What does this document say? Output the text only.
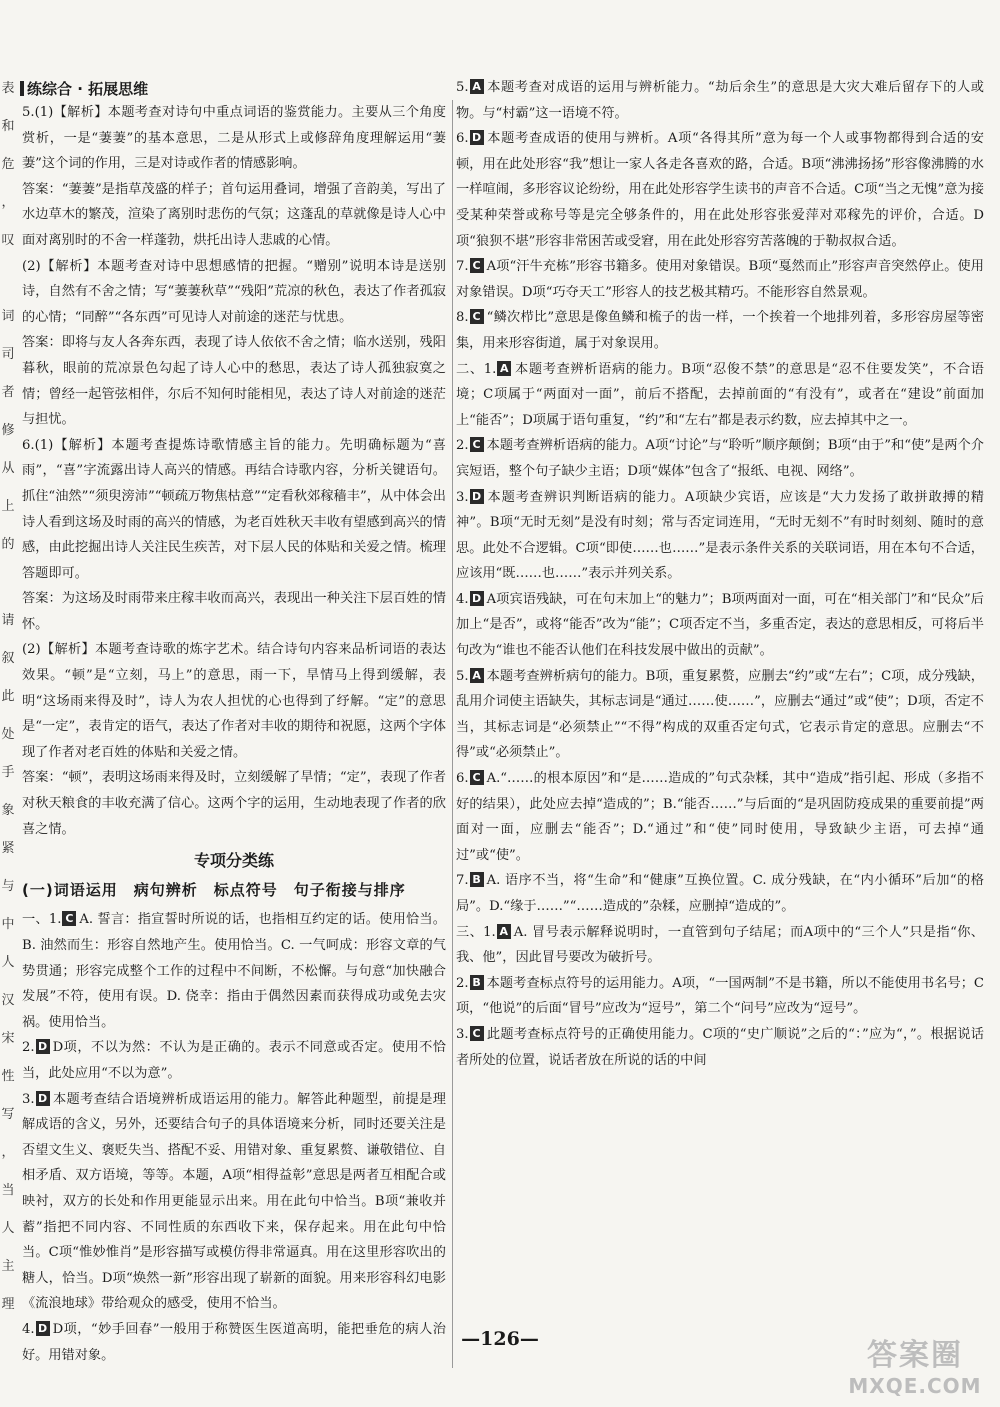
表
和
危
，
叹

词
司
者
修
从
上
的

请
叙
此
处
手
象
紧
与
中
人
汉
宋
性
写
，
当
人
主
理
练综合 · 拓展思维

5.(1)【解析】本题考查对诗句中重点词语的鉴赏能力。主要从三个角度赏析，一是“萋萋”的基本意思，二是从形式上或修辞角度理解运用“萋萋”这个词的作用，三是对诗或作者的情感影响。

答案：“萋萋”是指草茂盛的样子；首句运用叠词，增强了音韵美，写出了水边草木的繁茂，渲染了离别时悲伤的气氛；这蓬乱的草就像是诗人心中面对离别时的不舍一样蓬勃，烘托出诗人悲戚的心情。

(2)【解析】本题考查对诗中思想感情的把握。“赠别”说明本诗是送别诗，自然有不舍之情；写“萋萋秋草”“残阳”荒凉的秋色，表达了作者孤寂的心情；“同醉”“各东西”可见诗人对前途的迷茫与忧患。

答案：即将与友人各奔东西，表现了诗人依依不舍之情；临水送别，残阳暮秋，眼前的荒凉景色勾起了诗人心中的愁思，表达了诗人孤独寂寞之情；曾经一起管弦相伴，尔后不知何时能相见，表达了诗人对前途的迷茫与担忧。

6.(1)【解析】本题考查提炼诗歌情感主旨的能力。先明确标题为“喜雨”，“喜”字流露出诗人高兴的情感。再结合诗歌内容，分析关键语句。抓住“油然”“须臾滂沛”“顿疏万物焦枯意”“定看秋郊稼穑丰”，从中体会出诗人看到这场及时雨的高兴的情感，为老百姓秋天丰收有望感到高兴的情感，由此挖掘出诗人关注民生疾苦，对下层人民的体贴和关爱之情。梳理答题即可。

答案：为这场及时雨带来庄稼丰收而高兴，表现出一种关注下层百姓的情怀。

(2)【解析】本题考查诗歌的炼字艺术。结合诗句内容来品析词语的表达效果。“顿”是“立刻，马上”的意思，雨一下，旱情马上得到缓解，表明“这场雨来得及时”，诗人为农人担忧的心也得到了纾解。“定”的意思是“一定”，表肯定的语气，表达了作者对丰收的期待和祝愿，这两个字体现了作者对老百姓的体贴和关爱之情。

答案：“顿”，表明这场雨来得及时，立刻缓解了旱情；“定”，表现了作者对秋天粮食的丰收充满了信心。这两个字的运用，生动地表现了作者的欣喜之情。

专项分类练
(一)词语运用　病句辨析　标点符号　句子衔接与排序

一、1. C A. 誓言：指宣誓时所说的话，也指相互约定的话。使用恰当。B. 油然而生：形容自然地产生。使用恰当。C. 一气呵成：形容文章的气势贯通；形容完成整个工作的过程中不间断，不松懈。与句意“加快融合发展”不符，使用有误。D. 侥幸：指由于偶然因素而获得成功或免去灾祸。使用恰当。

2. D D项，不以为然：不认为是正确的。表示不同意或否定。使用不恰当，此处应用“不以为意”。

3. D 本题考查结合语境辨析成语运用的能力。解答此种题型，前提是理解成语的含义，另外，还要结合句子的具体语境来分析，同时还要关注是否望文生义、褒贬失当、搭配不妥、用错对象、重复累赘、谦敬错位、自相矛盾、双方语境，等等。本题，A项“相得益彰”意思是两者互相配合或映衬，双方的长处和作用更能显示出来。用在此句中恰当。B项“兼收并蓄”指把不同内容、不同性质的东西收下来，保存起来。用在此句中恰当。C项“惟妙惟肖”是形容描写或模仿得非常逼真。用在这里形容吹出的糖人，恰当。D项“焕然一新”形容出现了崭新的面貌。用来形容科幻电影《流浪地球》带给观众的感受，使用不恰当。

4. D D项，“妙手回春”一般用于称赞医生医道高明，能把垂危的病人治好。用错对象。

5. A 本题考查对成语的运用与辨析能力。“劫后余生”的意思是大灾大难后留存下的人或物。与“村霸”这一语境不符。

6. D 本题考查成语的使用与辨析。A项“各得其所”意为每一个人或事物都得到合适的安顿，用在此处形容“我”想让一家人各走各喜欢的路，合适。B项“沸沸扬扬”形容像沸腾的水一样喧闹，多形容议论纷纷，用在此处形容学生读书的声音不合适。C项“当之无愧”意为接受某种荣誉或称号等是完全够条件的，用在此处形容张爱萍对邓稼先的评价，合适。D项“狼狈不堪”形容非常困苦或受窘，用在此处形容穷苦落魄的于勒叔叔合适。

7. C A项“汗牛充栋”形容书籍多。使用对象错误。B项“戛然而止”形容声音突然停止。使用对象错误。D项“巧夺天工”形容人的技艺极其精巧。不能形容自然景观。

8. C “鳞次栉比”意思是像鱼鳞和梳子的齿一样，一个挨着一个地排列着，多形容房屋等密集，用来形容街道，属于对象误用。

二、1. A 本题考查辨析语病的能力。B项“忍俊不禁”的意思是“忍不住要发笑”，不合语境；C项属于“两面对一面”，前后不搭配，去掉前面的“有没有”，或者在“建设”前面加上“能否”；D项属于语句重复，“约”和“左右”都是表示约数，应去掉其中之一。

2. C 本题考查辨析语病的能力。A项“讨论”与“聆听”顺序颠倒；B项“由于”和“使”是两个介宾短语，整个句子缺少主语；D项“媒体”包含了“报纸、电视、网络”。

3. D 本题考查辨识判断语病的能力。A项缺少宾语，应该是“大力发扬了敢拼敢搏的精神”。B项“无时无刻”是没有时刻；常与否定词连用，“无时无刻不”有时时刻刻、随时的意思。此处不合逻辑。C项“即使……也……”是表示条件关系的关联词语，用在本句不合适，应该用“既……也……”表示并列关系。

4. D A项宾语残缺，可在句末加上“的魅力”；B项两面对一面，可在“相关部门”和“民众”后加上“是否”，或将“能否”改为“能”；C项否定不当，多重否定，表达的意思相反，可将后半句改为“谁也不能否认他们在科技发展中做出的贡献”。

5. A 本题考查辨析病句的能力。B项，重复累赘，应删去“约”或“左右”；C项，成分残缺，乱用介词使主语缺失，其标志词是“通过……使……”，应删去“通过”或“使”；D项，否定不当，其标志词是“必须禁止”“不得”构成的双重否定句式，它表示肯定的意思。应删去“不得”或“必须禁止”。

6. C A.“……的根本原因”和“是……造成的”句式杂糅，其中“造成”指引起、形成（多指不好的结果），此处应去掉“造成的”；B.“能否……”与后面的“是巩固防疫成果的重要前提”两面对一面，应删去“能否”；D.“通过”和“使”同时使用，导致缺少主语，可去掉“通过”或“使”。

7. B A. 语序不当，将“生命”和“健康”互换位置。C. 成分残缺，在“内小循环”后加“的格局”。D.“缘于……”“……造成的”杂糅，应删掉“造成的”。

三、1. A A. 冒号表示解释说明时，一直管到句子结尾；而A项中的“三个人”只是指“你、我、他”，因此冒号要改为破折号。

2. B 本题考查标点符号的运用能力。A项，“一国两制”不是书籍，所以不能使用书名号；C项，“他说”的后面“冒号”应改为“逗号”，第二个“问号”应改为“逗号”。

3. C 此题考查标点符号的正确使用能力。C项的“史广顺说”之后的“：”应为“，”。根据说话者所处的位置，说话者放在所说的话的中间

—126—	答案圈
MXQE.COM
